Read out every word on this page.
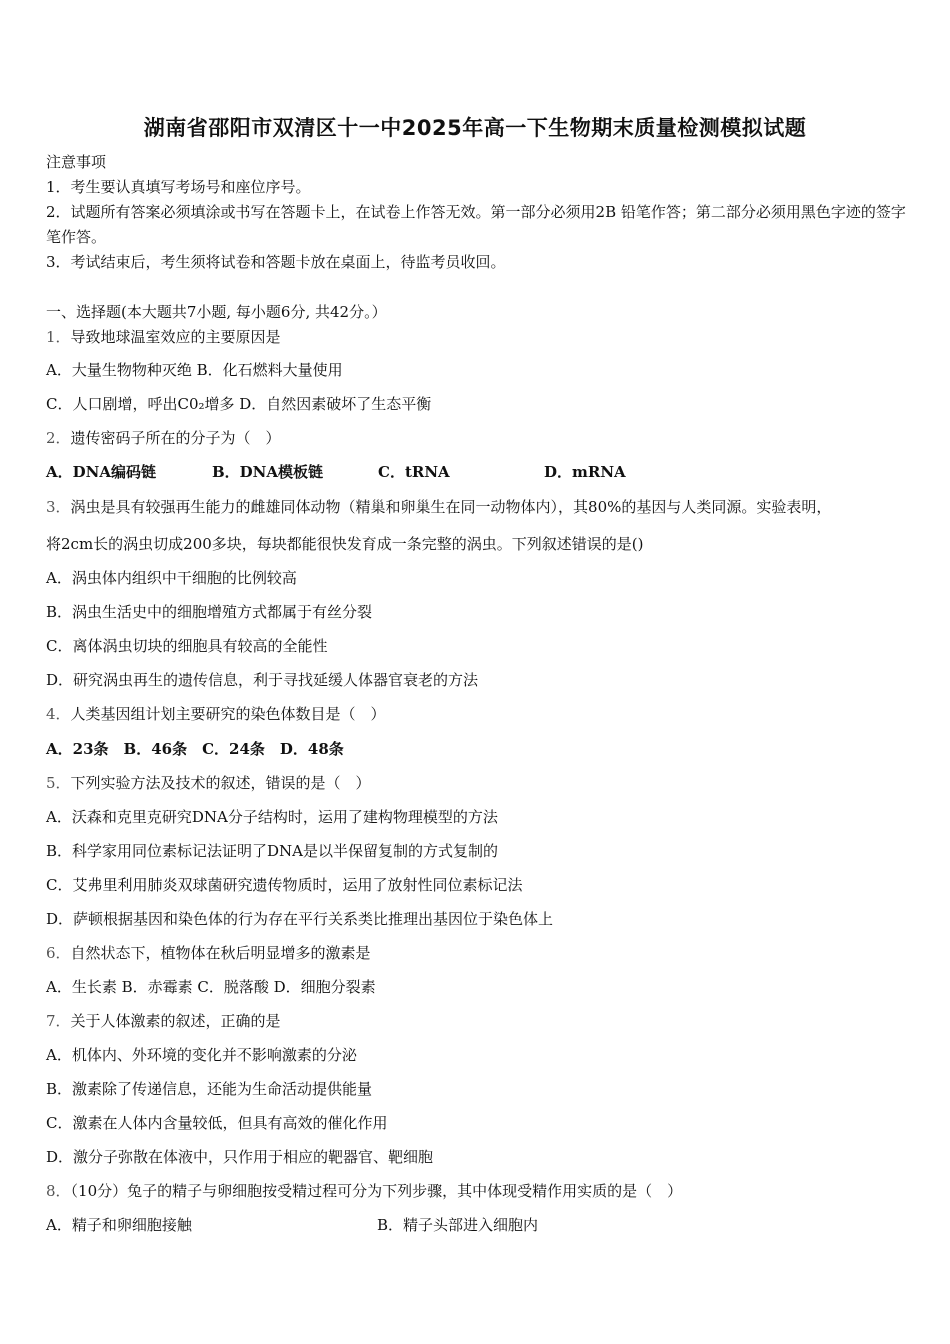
湖南省邵阳市双清区十一中2025年高一下生物期末质量检测模拟试题
注意事项
1．考生要认真填写考场号和座位序号。
2．试题所有答案必须填涂或书写在答题卡上，在试卷上作答无效。第一部分必须用2B 铅笔作答；第二部分必须用黑色字迹的签字笔作答。
3．考试结束后，考生须将试卷和答题卡放在桌面上，待监考员收回。
一、选择题(本大题共7小题, 每小题6分, 共42分。）
1．导致地球温室效应的主要原因是
A．大量生物物种灭绝 B．化石燃料大量使用
C．人口剧增，呼出C0₂增多 D．自然因素破坏了生态平衡
2．遗传密码子所在的分子为（　）
A．DNA编码链	B．DNA模板链	C．tRNA	D．mRNA
3．涡虫是具有较强再生能力的雌雄同体动物（精巢和卵巢生在同一动物体内），其80%的基因与人类同源。实验表明，
将2cm长的涡虫切成200多块，每块都能很快发育成一条完整的涡虫。下列叙述错误的是()
A．涡虫体内组织中干细胞的比例较高
B．涡虫生活史中的细胞增殖方式都属于有丝分裂
C．离体涡虫切块的细胞具有较高的全能性
D．研究涡虫再生的遗传信息，利于寻找延缓人体器官衰老的方法
4．人类基因组计划主要研究的染色体数目是（　）
A．23条　B．46条　C．24条　D．48条
5．下列实验方法及技术的叙述，错误的是（　）
A．沃森和克里克研究DNA分子结构时，运用了建构物理模型的方法
B．科学家用同位素标记法证明了DNA是以半保留复制的方式复制的
C．艾弗里利用肺炎双球菌研究遗传物质时，运用了放射性同位素标记法
D．萨顿根据基因和染色体的行为存在平行关系类比推理出基因位于染色体上
6．自然状态下，植物体在秋后明显增多的激素是
A．生长素 B．赤霉素 C．脱落酸 D．细胞分裂素
7．关于人体激素的叙述，正确的是
A．机体内、外环境的变化并不影响激素的分泌
B．激素除了传递信息，还能为生命活动提供能量
C．激素在人体内含量较低，但具有高效的催化作用
D．激分子弥散在体液中，只作用于相应的靶器官、靶细胞
8．（10分）兔子的精子与卵细胞按受精过程可分为下列步骤，其中体现受精作用实质的是（　）
A．精子和卵细胞接触	B．精子头部进入细胞内
